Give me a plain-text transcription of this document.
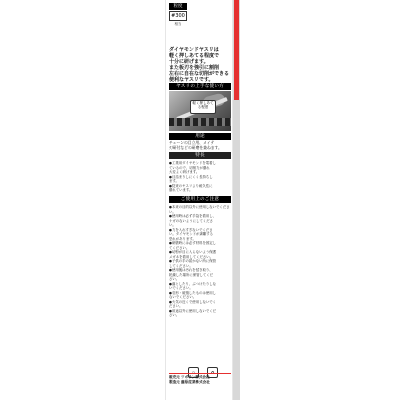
粒度
#300
相当
ダイヤモンドヤスリは
軽く押しあてる程度で
十分に研げます。
また板刃を強引に割削
左右に自在な切削ができる便利なヤスリです。
ヤスリの上手な使い方
軽く押しあてる程度
用途
チェーンの目立用、メイテ
刃研付などの研磨を兼ねます。
特長
●工業用ダイヤモンドを電着し
ているので、切削力が優れ
大変よく研げます。
●目詰まりしにくく長持ちし
ます。
●従来のヤスリより耐久性に
優れています。
ご使用上のご注意
●本来の目的以外に使用しないでください。
●使用時は必ず手袋を着用し、
ケガのないようにしてくださ
い。
●力を入れすぎないでくださ
い。ダイヤモンドが剥離する
恐れがあります。
●研磨時には必ず材料を固定し
てください。
●切粉が目に入らないよう保護
メガネを着用してください。
●子供の手の届かない所に保管
してください。
●使用後は汚れを拭き取り、
乾燥した場所に保管してくだ
さい。
●落としたり、ぶつけたりしな
いでください。
●変形・破損したものは使用し
ないでください。
●火気の近くで使用しないでく
ださい。
●用途以外に使用しないでくだ
さい。

販売元 ツボサン株式会社
製造元 藤原産業株式会社
